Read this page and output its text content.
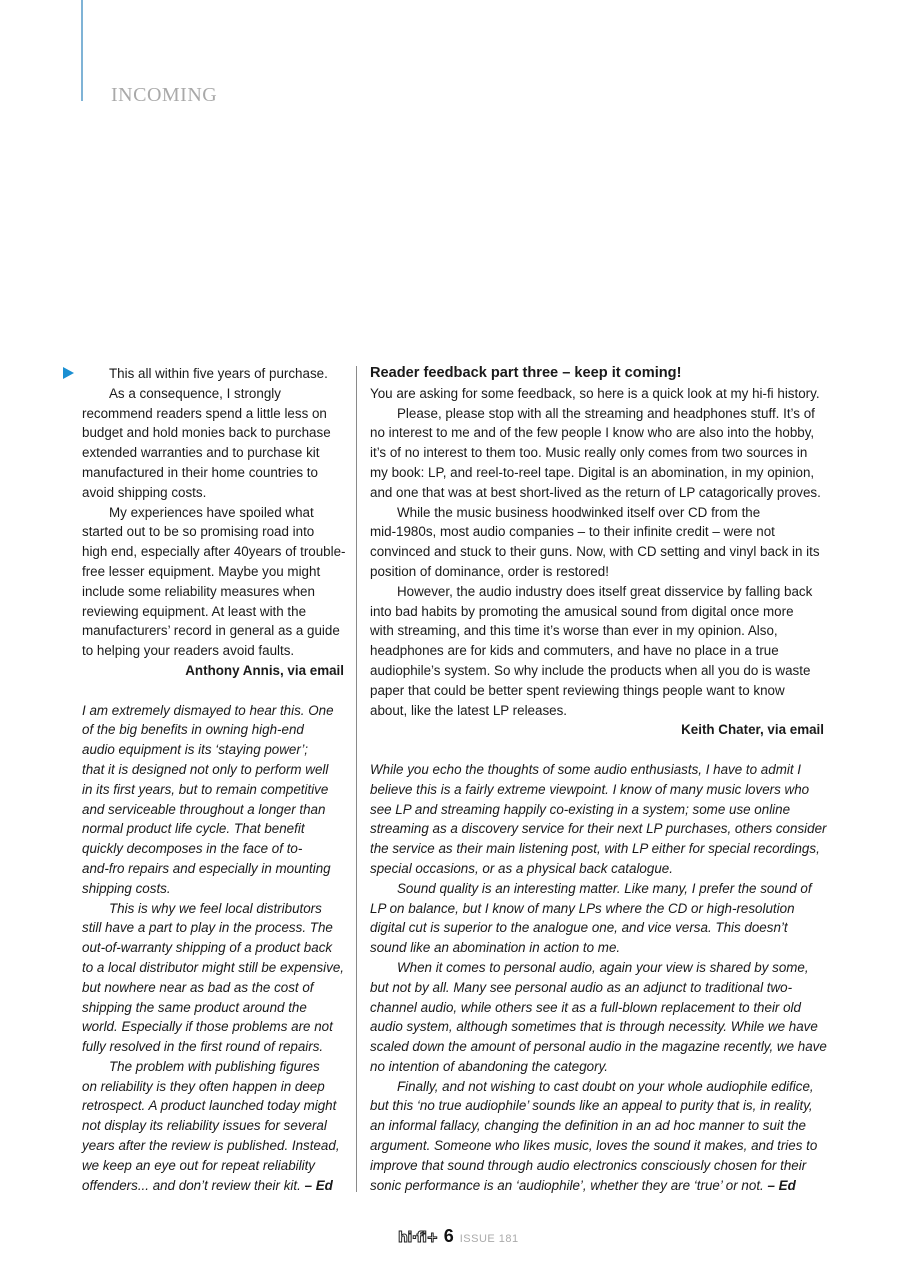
INCOMING
This all within five years of purchase.
As a consequence, I strongly
recommend readers spend a little less on
budget and hold monies back to purchase
extended warranties and to purchase kit
manufactured in their home countries to
avoid shipping costs.
My experiences have spoiled what
started out to be so promising road into
high end, especially after 40years of trouble-
free lesser equipment. Maybe you might
include some reliability measures when
reviewing equipment. At least with the
manufacturers’ record in general as a guide
to helping your readers avoid faults.
Anthony Annis, via email
I am extremely dismayed to hear this. One
of the big benefits in owning high-end
audio equipment is its ‘staying power’;
that it is designed not only to perform well
in its first years, but to remain competitive
and serviceable throughout a longer than
normal product life cycle. That benefit
quickly decomposes in the face of to-
and-fro repairs and especially in mounting
shipping costs.
This is why we feel local distributors
still have a part to play in the process. The
out-of-warranty shipping of a product back
to a local distributor might still be expensive,
but nowhere near as bad as the cost of
shipping the same product around the
world. Especially if those problems are not
fully resolved in the first round of repairs.
The problem with publishing figures
on reliability is they often happen in deep
retrospect. A product launched today might
not display its reliability issues for several
years after the review is published. Instead,
we keep an eye out for repeat reliability
offenders... and don’t review their kit. – Ed
Reader feedback part three – keep it coming!
You are asking for some feedback, so here is a quick look at my hi-fi history.
Please, please stop with all the streaming and headphones stuff. It’s of
no interest to me and of the few people I know who are also into the hobby,
it’s of no interest to them too. Music really only comes from two sources in
my book: LP, and reel-to-reel tape. Digital is an abomination, in my opinion,
and one that was at best short-lived as the return of LP catagorically proves.
While the music business hoodwinked itself over CD from the
mid-1980s, most audio companies – to their infinite credit – were not
convinced and stuck to their guns. Now, with CD setting and vinyl back in its
position of dominance, order is restored!
However, the audio industry does itself great disservice by falling back
into bad habits by promoting the amusical sound from digital once more
with streaming, and this time it’s worse than ever in my opinion. Also,
headphones are for kids and commuters, and have no place in a true
audiophile’s system. So why include the products when all you do is waste
paper that could be better spent reviewing things people want to know
about, like the latest LP releases.
Keith Chater, via email
While you echo the thoughts of some audio enthusiasts, I have to admit I
believe this is a fairly extreme viewpoint. I know of many music lovers who
see LP and streaming happily co-existing in a system; some use online
streaming as a discovery service for their next LP purchases, others consider
the service as their main listening post, with LP either for special recordings,
special occasions, or as a physical back catalogue.
Sound quality is an interesting matter. Like many, I prefer the sound of
LP on balance, but I know of many LPs where the CD or high-resolution
digital cut is superior to the analogue one, and vice versa. This doesn’t
sound like an abomination in action to me.
When it comes to personal audio, again your view is shared by some,
but not by all. Many see personal audio as an adjunct to traditional two-
channel audio, while others see it as a full-blown replacement to their old
audio system, although sometimes that is through necessity. While we have
scaled down the amount of personal audio in the magazine recently, we have
no intention of abandoning the category.
Finally, and not wishing to cast doubt on your whole audiophile edifice,
but this ‘no true audiophile’ sounds like an appeal to purity that is, in reality,
an informal fallacy, changing the definition in an ad hoc manner to suit the
argument. Someone who likes music, loves the sound it makes, and tries to
improve that sound through audio electronics consciously chosen for their
sonic performance is an ‘audiophile’, whether they are ‘true’ or not. – Ed
hi·fi+ 6 ISSUE 181
